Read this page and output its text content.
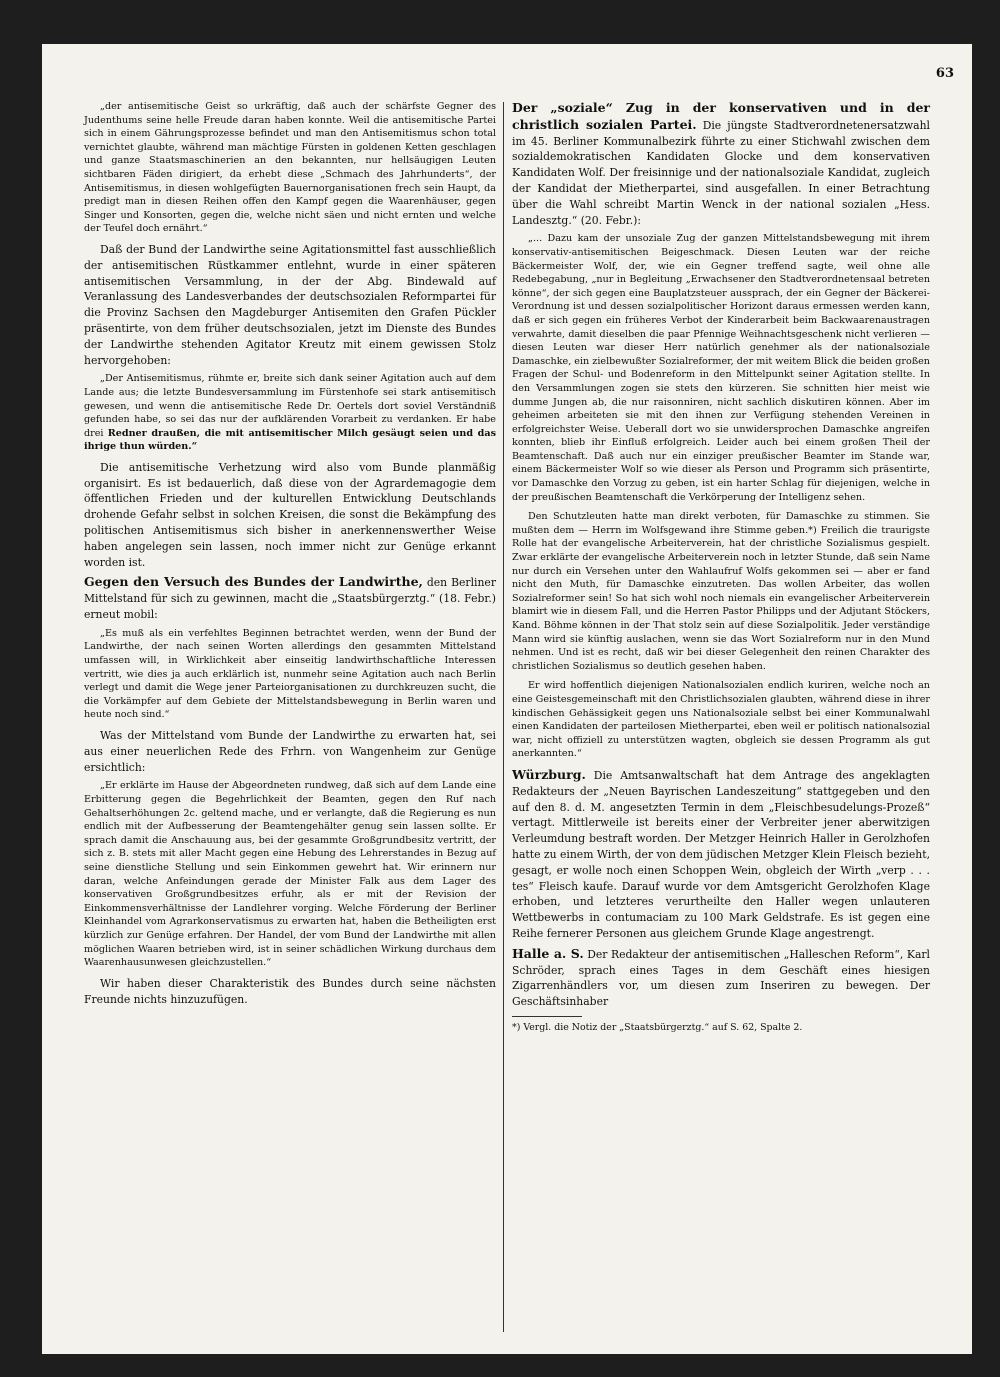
63

„der antisemitische Geist so urkräftig, daß auch der schärfste Gegner des Judenthums seine helle Freude daran haben konnte. Weil die antisemitische Partei sich in einem Gährungsprozesse befindet und man den Antisemitismus schon total vernichtet glaubte, während man mächtige Fürsten in goldenen Ketten geschlagen und ganze Staatsmaschinerien an den bekannten, nur hellsäugigen Leuten sichtbaren Fäden dirigiert, da erhebt diese „Schmach des Jahrhunderts“, der Antisemitismus, in diesen wohlgefügten Bauernorganisationen frech sein Haupt, da predigt man in diesen Reihen offen den Kampf gegen die Waarenhäuser, gegen Singer und Konsorten, gegen die, welche nicht säen und nicht ernten und welche der Teufel doch ernährt.“

Daß der Bund der Landwirthe seine Agitationsmittel fast ausschließlich der antisemitischen Rüstkammer entlehnt, wurde in einer späteren antisemitischen Versammlung, in der der Abg. Bindewald auf Veranlassung des Landesverbandes der deutschsozialen Reformpartei für die Provinz Sachsen den Magdeburger Antisemiten den Grafen Pückler präsentirte, von dem früher deutschsozialen, jetzt im Dienste des Bundes der Landwirthe stehenden Agitator Kreutz mit einem gewissen Stolz hervorgehoben:

„Der Antisemitismus, rühmte er, breite sich dank seiner Agitation auch auf dem Lande aus; die letzte Bundesversammlung im Fürstenhofe sei stark antisemitisch gewesen, und wenn die antisemitische Rede Dr. Oertels dort soviel Verständniß gefunden habe, so sei das nur der aufklärenden Vorarbeit zu verdanken. Er habe drei Redner draußen, die mit antisemitischer Milch gesäugt seien und das ihrige thun würden.“

Die antisemitische Verhetzung wird also vom Bunde planmäßig organisirt. Es ist bedauerlich, daß diese von der Agrardemagogie dem öffentlichen Frieden und der kulturellen Entwicklung Deutschlands drohende Gefahr selbst in solchen Kreisen, die sonst die Bekämpfung des politischen Antisemitismus sich bisher in anerkennenswerther Weise haben angelegen sein lassen, noch immer nicht zur Genüge erkannt worden ist.

Gegen den Versuch des Bundes der Landwirthe, den Berliner Mittelstand für sich zu gewinnen, macht die „Staatsbürgerztg.“ (18. Febr.) erneut mobil:

„Es muß als ein verfehltes Beginnen betrachtet werden, wenn der Bund der Landwirthe, der nach seinen Worten allerdings den gesammten Mittelstand umfassen will, in Wirklichkeit aber einseitig landwirthschaftliche Interessen vertritt, wie dies ja auch erklärlich ist, nunmehr seine Agitation auch nach Berlin verlegt und damit die Wege jener Parteiorganisationen zu durchkreuzen sucht, die die Vorkämpfer auf dem Gebiete der Mittelstandsbewegung in Berlin waren und heute noch sind.“

Was der Mittelstand vom Bunde der Landwirthe zu erwarten hat, sei aus einer neuerlichen Rede des Frhrn. von Wangenheim zur Genüge ersichtlich:

„Er erklärte im Hause der Abgeordneten rundweg, daß sich auf dem Lande eine Erbitterung gegen die Begehrlichkeit der Beamten, gegen den Ruf nach Gehaltserhöhungen 2c. geltend mache, und er verlangte, daß die Regierung es nun endlich mit der Aufbesserung der Beamtengehälter genug sein lassen sollte. Er sprach damit die Anschauung aus, bei der gesammte Großgrundbesitz vertritt, der sich z. B. stets mit aller Macht gegen eine Hebung des Lehrerstandes in Bezug auf seine dienstliche Stellung und sein Einkommen gewehrt hat. Wir erinnern nur daran, welche Anfeindungen gerade der Minister Falk aus dem Lager des konservativen Großgrundbesitzes erfuhr, als er mit der Revision der Einkommensverhältnisse der Landlehrer vorging. Welche Förderung der Berliner Kleinhandel vom Agrarkonservatismus zu erwarten hat, haben die Betheiligten erst kürzlich zur Genüge erfahren. Der Handel, der vom Bund der Landwirthe mit allen möglichen Waaren betrieben wird, ist in seiner schädlichen Wirkung durchaus dem Waarenhausunwesen gleichzustellen.“

Wir haben dieser Charakteristik des Bundes durch seine nächsten Freunde nichts hinzuzufügen.

Der „soziale“ Zug in der konservativen und in der christlich sozialen Partei. Die jüngste Stadtverordnetenersatzwahl im 45. Berliner Kommunalbezirk führte zu einer Stichwahl zwischen dem sozialdemokratischen Kandidaten Glocke und dem konservativen Kandidaten Wolf. Der freisinnige und der nationalsoziale Kandidat, zugleich der Kandidat der Mietherpartei, sind ausgefallen. In einer Betrachtung über die Wahl schreibt Martin Wenck in der national sozialen „Hess. Landesztg.“ (20. Febr.):

„... Dazu kam der unsoziale Zug der ganzen Mittelstandsbewegung mit ihrem konservativ-antisemitischen Beigeschmack. Diesen Leuten war der reiche Bäckermeister Wolf, der, wie ein Gegner treffend sagte, weil ohne alle Redebegabung, „nur in Begleitung „Erwachsener den Stadtverordnetensaal betreten könne“, der sich gegen eine Bauplatzsteuer aussprach, der ein Gegner der Bäckerei-Verordnung ist und dessen sozialpolitischer Horizont daraus ermessen werden kann, daß er sich gegen ein früheres Verbot der Kinderarbeit beim Backwaarenaustragen verwahrte, damit dieselben die paar Pfennige Weihnachtsgeschenk nicht verlieren — diesen Leuten war dieser Herr natürlich genehmer als der nationalsoziale Damaschke, ein zielbewußter Sozialreformer, der mit weitem Blick die beiden großen Fragen der Schul- und Bodenreform in den Mittelpunkt seiner Agitation stellte. In den Versammlungen zogen sie stets den kürzeren. Sie schnitten hier meist wie dumme Jungen ab, die nur raisonniren, nicht sachlich diskutiren können. Aber im geheimen arbeiteten sie mit den ihnen zur Verfügung stehenden Vereinen in erfolgreichster Weise. Ueberall dort wo sie unwidersprochen Damaschke angreifen konnten, blieb ihr Einfluß erfolgreich. Leider auch bei einem großen Theil der Beamtenschaft. Daß auch nur ein einziger preußischer Beamter im Stande war, einem Bäckermeister Wolf so wie dieser als Person und Programm sich präsentirte, vor Damaschke den Vorzug zu geben, ist ein harter Schlag für diejenigen, welche in der preußischen Beamtenschaft die Verkörperung der Intelligenz sehen.

Den Schutzleuten hatte man direkt verboten, für Damaschke zu stimmen. Sie mußten dem — Herrn im Wolfsgewand ihre Stimme geben.*) Freilich die traurigste Rolle hat der evangelische Arbeiterverein, hat der christliche Sozialismus gespielt. Zwar erklärte der evangelische Arbeiterverein noch in letzter Stunde, daß sein Name nur durch ein Versehen unter den Wahlaufruf Wolfs gekommen sei — aber er fand nicht den Muth, für Damaschke einzutreten. Das wollen Arbeiter, das wollen Sozialreformer sein! So hat sich wohl noch niemals ein evangelischer Arbeiterverein blamirt wie in diesem Fall, und die Herren Pastor Philipps und der Adjutant Stöckers, Kand. Böhme können in der That stolz sein auf diese Sozialpolitik. Jeder verständige Mann wird sie künftig auslachen, wenn sie das Wort Sozialreform nur in den Mund nehmen. Und ist es recht, daß wir bei dieser Gelegenheit den reinen Charakter des christlichen Sozialismus so deutlich gesehen haben.

Er wird hoffentlich diejenigen Nationalsozialen endlich kuriren, welche noch an eine Geistesgemeinschaft mit den Christlichsozialen glaubten, während diese in ihrer kindischen Gehässigkeit gegen uns Nationalsoziale selbst bei einer Kommunalwahl einen Kandidaten der parteilosen Mietherpartei, eben weil er politisch nationalsozial war, nicht offiziell zu unterstützen wagten, obgleich sie dessen Programm als gut anerkannten.“

Würzburg. Die Amtsanwaltschaft hat dem Antrage des angeklagten Redakteurs der „Neuen Bayrischen Landeszeitung“ stattgegeben und den auf den 8. d. M. angesetzten Termin in dem „Fleischbesudelungs-Prozeß“ vertagt. Mittlerweile ist bereits einer der Verbreiter jener aberwitzigen Verleumdung bestraft worden. Der Metzger Heinrich Haller in Gerolzhofen hatte zu einem Wirth, der von dem jüdischen Metzger Klein Fleisch bezieht, gesagt, er wolle noch einen Schoppen Wein, obgleich der Wirth „verp . . . tes“ Fleisch kaufe. Darauf wurde vor dem Amtsgericht Gerolzhofen Klage erhoben, und letzteres verurtheilte den Haller wegen unlauteren Wettbewerbs in contumaciam zu 100 Mark Geldstrafe. Es ist gegen eine Reihe fernerer Personen aus gleichem Grunde Klage angestrengt.

Halle a. S. Der Redakteur der antisemitischen „Halleschen Reform“, Karl Schröder, sprach eines Tages in dem Geschäft eines hiesigen Zigarrenhändlers vor, um diesen zum Inseriren zu bewegen. Der Geschäftsinhaber

*) Vergl. die Notiz der „Staatsbürgerztg.“ auf S. 62, Spalte 2.
